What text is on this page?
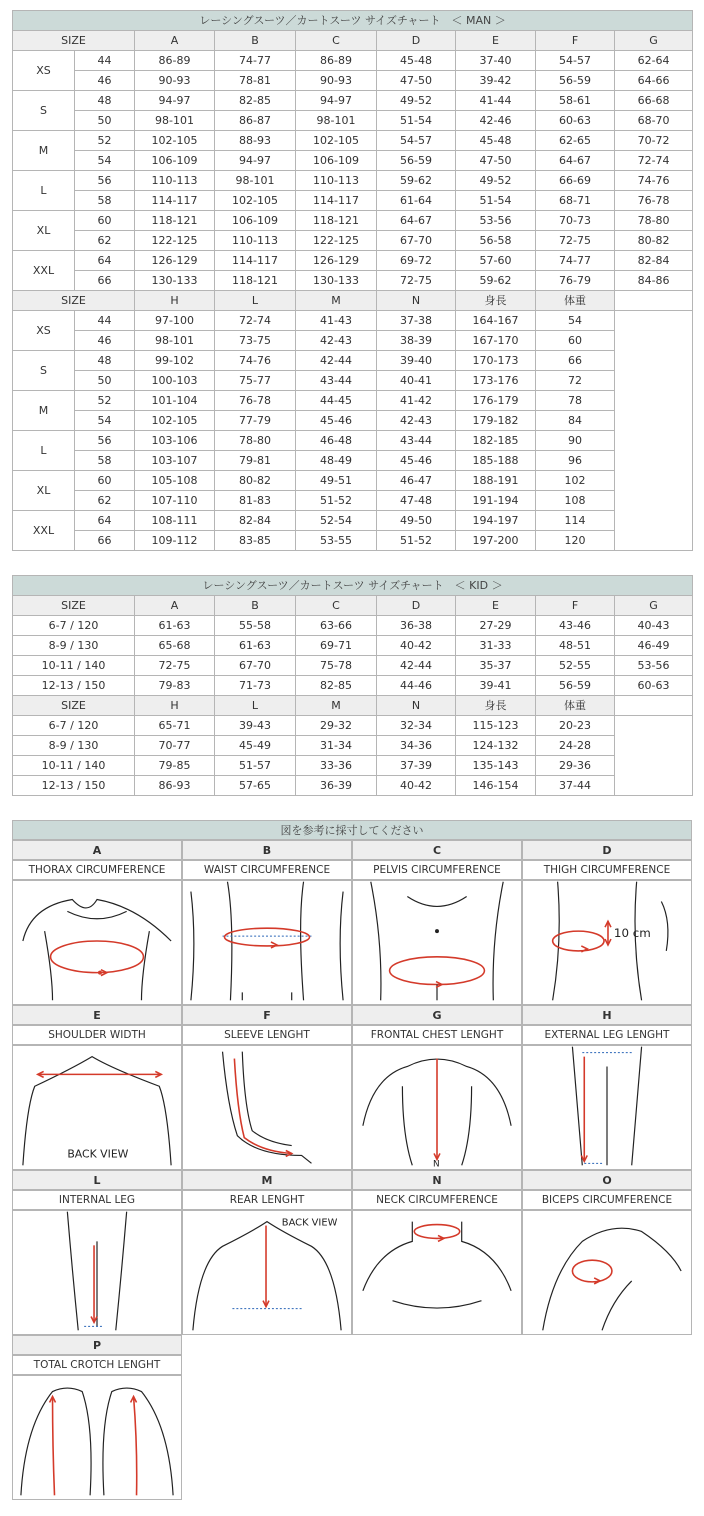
レーシングスーツ／カートスーツ サイズチャート　＜ MAN ＞								
SIZE		A	B	C	D	E	F	G
XS	44	86-89	74-77	86-89	45-48	37-40	54-57	62-64
	46	90-93	78-81	90-93	47-50	39-42	56-59	64-66
S	48	94-97	82-85	94-97	49-52	41-44	58-61	66-68
	50	98-101	86-87	98-101	51-54	42-46	60-63	68-70
M	52	102-105	88-93	102-105	54-57	45-48	62-65	70-72
	54	106-109	94-97	106-109	56-59	47-50	64-67	72-74
L	56	110-113	98-101	110-113	59-62	49-52	66-69	74-76
	58	114-117	102-105	114-117	61-64	51-54	68-71	76-78
XL	60	118-121	106-109	118-121	64-67	53-56	70-73	78-80
	62	122-125	110-113	122-125	67-70	56-58	72-75	80-82
XXL	64	126-129	114-117	126-129	69-72	57-60	74-77	82-84
	66	130-133	118-121	130-133	72-75	59-62	76-79	84-86
SIZE		H	L	M	N	身長	体重	
XS	44	97-100	72-74	41-43	37-38	164-167	54	
	46	98-101	73-75	42-43	38-39	167-170	60	
S	48	99-102	74-76	42-44	39-40	170-173	66	
	50	100-103	75-77	43-44	40-41	173-176	72	
M	52	101-104	76-78	44-45	41-42	176-179	78	
	54	102-105	77-79	45-46	42-43	179-182	84	
L	56	103-106	78-80	46-48	43-44	182-185	90	
	58	103-107	79-81	48-49	45-46	185-188	96	
XL	60	105-108	80-82	49-51	46-47	188-191	102	
	62	107-110	81-83	51-52	47-48	191-194	108	
XXL	64	108-111	82-84	52-54	49-50	194-197	114	
	66	109-112	83-85	53-55	51-52	197-200	120	
レーシングスーツ／カートスーツ サイズチャート　＜ KID ＞							
SIZE	A	B	C	D	E	F	G
6-7 / 120	61-63	55-58	63-66	36-38	27-29	43-46	40-43
8-9 / 130	65-68	61-63	69-71	40-42	31-33	48-51	46-49
10-11 / 140	72-75	67-70	75-78	42-44	35-37	52-55	53-56
12-13 / 150	79-83	71-73	82-85	44-46	39-41	56-59	60-63
SIZE	H	L	M	N	身長	体重	
6-7 / 120	65-71	39-43	29-32	32-34	115-123	20-23	
8-9 / 130	70-77	45-49	31-34	34-36	124-132	24-28	
10-11 / 140	79-85	51-57	33-36	37-39	135-143	29-36	
12-13 / 150	86-93	57-65	36-39	40-42	146-154	37-44	
図を参考に採寸してください
A
THORAX CIRCUMFERENCE
B
WAIST CIRCUMFERENCE
C
PELVIS CIRCUMFERENCE
D
THIGH CIRCUMFERENCE
10 cm
E
SHOULDER WIDTH
BACK VIEW
F
SLEEVE LENGHT
G
FRONTAL CHEST LENGHT
N
H
EXTERNAL LEG LENGHT
L
INTERNAL LEG
M
REAR LENGHT
BACK VIEW
N
NECK CIRCUMFERENCE
O
BICEPS CIRCUMFERENCE
P
TOTAL CROTCH LENGHT
